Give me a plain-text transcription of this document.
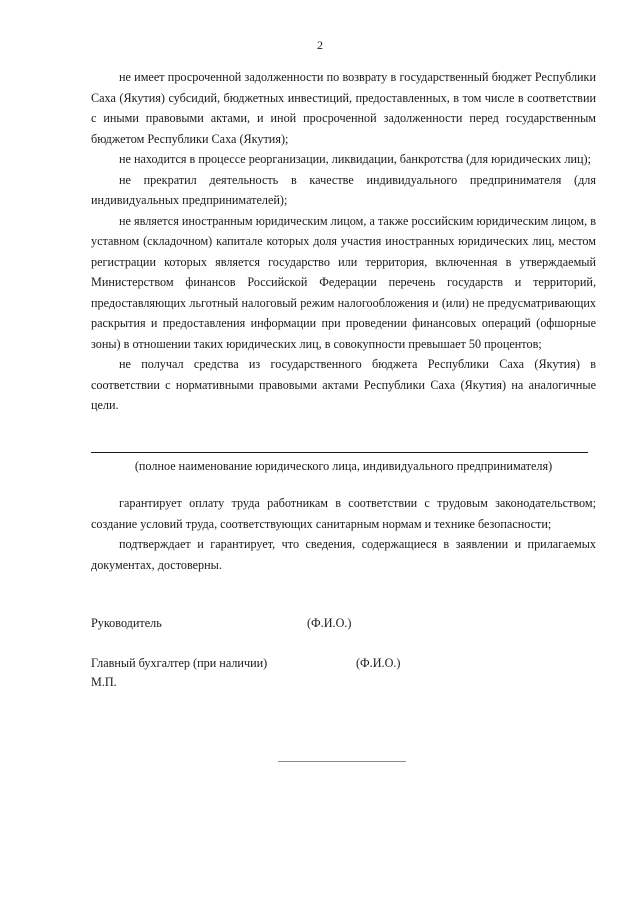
2

не имеет просроченной задолженности по возврату в государственный бюджет Республики Саха (Якутия) субсидий, бюджетных инвестиций, предоставленных, в том числе в соответствии с иными правовыми актами, и иной просроченной задолженности перед государственным бюджетом Республики Саха (Якутия);

не находится в процессе реорганизации, ликвидации, банкротства (для юридических лиц);

не прекратил деятельность в качестве индивидуального предпринимателя (для индивидуальных предпринимателей);

не является иностранным юридическим лицом, а также российским юридическим лицом, в уставном (складочном) капитале которых доля участия иностранных юридических лиц, местом регистрации которых является государство или территория, включенная в утверждаемый Министерством финансов Российской Федерации перечень государств и территорий, предоставляющих льготный налоговый режим налогообложения и (или) не предусматривающих раскрытия и предоставления информации при проведении финансовых операций (офшорные зоны) в отношении таких юридических лиц, в совокупности превышает 50 процентов;

не получал средства из государственного бюджета Республики Саха (Якутия) в соответствии с нормативными правовыми актами Республики Саха (Якутия) на аналогичные цели.

(полное наименование юридического лица, индивидуального предпринимателя)

гарантирует оплату труда работникам в соответствии с трудовым законодательством; создание условий труда, соответствующих санитарным нормам и технике безопасности;

подтверждает и гарантирует, что сведения, содержащиеся в заявлении и прилагаемых документах, достоверны.

Руководитель	(Ф.И.О.)
Главный бухгалтер (при наличии)	(Ф.И.О.)
М.П.
